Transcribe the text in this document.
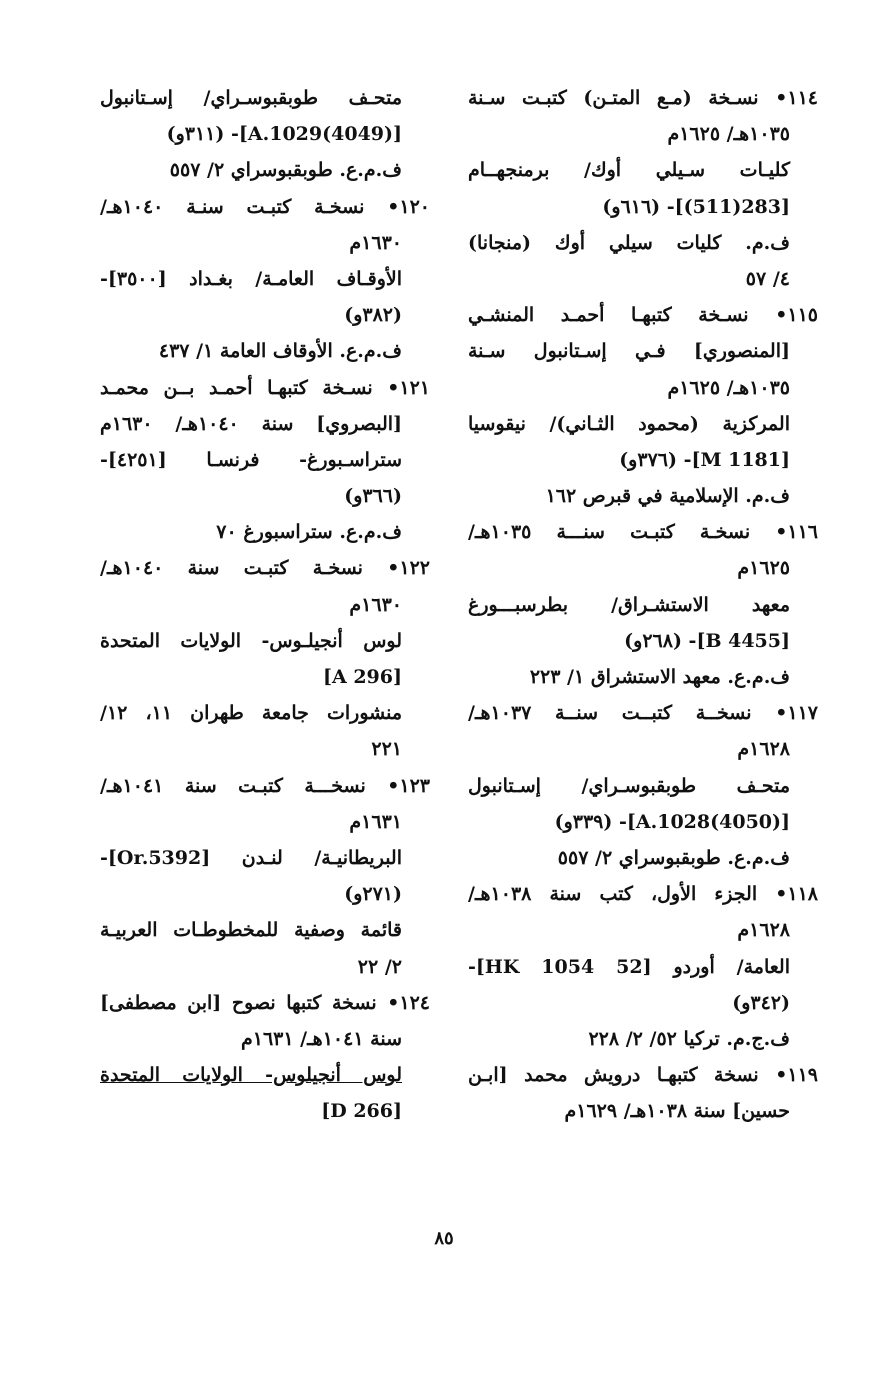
١١٤• نسـخة (مـع المتـن) كتبـت سـنة
١٠٣٥هـ/ ١٦٢٥م
كليـات سـيلي أوك/ برمنجهــام
[283(511)]- (٦١٦و)
ف.م. كليات سيلي أوك (منجانا)
٤/ ٥٧
١١٥• نسـخة كتبهـا أحمـد المنشـي
[المنصوري] فـي إسـتانبول سـنة
١٠٣٥هـ/ ١٦٢٥م
المركزية (محمود الثـاني)/ نيقوسيا
[M 1181]- (٣٧٦و)
ف.م. الإسلامية في قبرص ١٦٢
١١٦• نسخـة كتبـت سنـــة ١٠٣٥هـ/
١٦٢٥م
معهد الاستشـراق/ بطرسبـــورغ
[B 4455]- (٢٦٨و)
ف.م.ع. معهد الاستشراق ١/ ٢٢٣
١١٧• نسخــة كتبــت سنــة ١٠٣٧هـ/
١٦٢٨م
متحـف طوبقبوسـراي/ إسـتانبول
[(4050)A.1028]- (٣٣٩و)
ف.م.ع. طوبقبوسراي ٢/ ٥٥٧
١١٨• الجزء الأول، كتب سنة ١٠٣٨هـ/
١٦٢٨م
العامة/ أوردو [52 HK 1054]-
(٣٤٢و)
ف.ج.م. تركيا ٥٢/ ٢/ ٢٢٨
١١٩• نسخة كتبهـا درويش محمد [ابـن
حسين] سنة ١٠٣٨هـ/ ١٦٢٩م
متحـف طوبقبوسـراي/ إسـتانبول
[(4049)A.1029]- (٣١١و)
ف.م.ع. طوبقبوسراي ٢/ ٥٥٧
١٢٠• نسخـة كتبـت سنـة ١٠٤٠هـ/
١٦٣٠م
الأوقـاف العامـة/ بغـداد [٣٥٠٠]-
(٣٨٢و)
ف.م.ع. الأوقاف العامة ١/ ٤٣٧
١٢١• نسـخة كتبهـا أحمـد بــن محمـد
[البصروي] سنة ١٠٤٠هـ/ ١٦٣٠م
ستراسـبورغ- فرنسـا [٤٢٥١]-
(٣٦٦و)
ف.م.ع. ستراسبورغ ٧٠
١٢٢• نسخـة كتبـت سنة ١٠٤٠هـ/
١٦٣٠م
لوس أنجيلـوس- الولايات المتحدة
[A 296]
منشورات جامعة طهران ١١، ١٢/
٢٢١
١٢٣• نسخـــة كتبـت سنة ١٠٤١هـ/
١٦٣١م
البريطانيـة/ لنـدن [Or.5392]-
(٢٧١و)
قائمة وصفية للمخطوطـات العربيـة
٢/ ٢٢
١٢٤• نسخة كتبها نصوح [ابن مصطفى]
سنة ١٠٤١هـ/ ١٦٣١م
لوس أنجيلوس- الولايات المتحدة
[D 266]
٨٥
